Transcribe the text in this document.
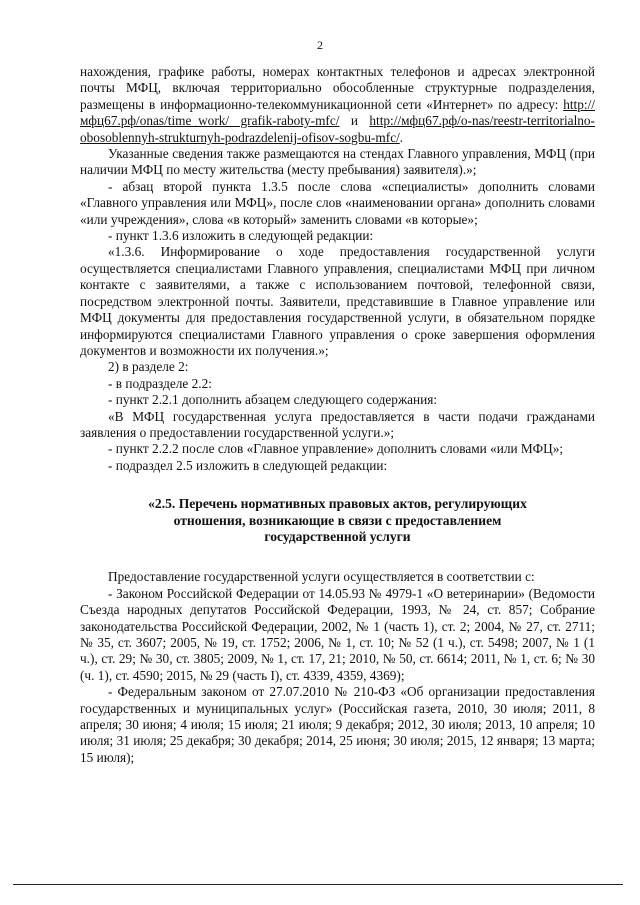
2

нахождения, графике работы, номерах контактных телефонов и адресах электронной почты МФЦ, включая территориально обособленные структурные подразделения, размещены в информационно-телекоммуникационной сети «Интернет» по адресу: http://мфц67.рф/onas/time_work/ grafik-raboty-mfc/ и http://мфц67.рф/o-nas/reestr-territorialno-obosoblennyh-strukturnyh-podrazdelenij-ofisov-sogbu-mfc/.

Указанные сведения также размещаются на стендах Главного управления, МФЦ (при наличии МФЦ по месту жительства (месту пребывания) заявителя).»;

- абзац второй пункта 1.3.5 после слова «специалисты» дополнить словами «Главного управления или МФЦ», после слов «наименовании органа» дополнить словами «или учреждения», слова «в который» заменить словами «в которые»;

- пункт 1.3.6 изложить в следующей редакции:

«1.3.6. Информирование о ходе предоставления государственной услуги осуществляется специалистами Главного управления, специалистами МФЦ при личном контакте с заявителями, а также с использованием почтовой, телефонной связи, посредством электронной почты. Заявители, представившие в Главное управление или МФЦ документы для предоставления государственной услуги, в обязательном порядке информируются специалистами Главного управления о сроке завершения оформления документов и возможности их получения.»;

2) в разделе 2:

- в подразделе 2.2:

- пункт 2.2.1 дополнить абзацем следующего содержания:

«В МФЦ государственная услуга предоставляется в части подачи гражданами заявления о предоставлении государственной услуги.»;

- пункт 2.2.2 после слов «Главное управление» дополнить словами «или МФЦ»;

- подраздел 2.5 изложить в следующей редакции:

«2.5. Перечень нормативных правовых актов, регулирующих
отношения, возникающие в связи с предоставлением
государственной услуги

Предоставление государственной услуги осуществляется в соответствии с:

- Законом Российской Федерации от 14.05.93 № 4979-1 «О ветеринарии» (Ведомости Съезда народных депутатов Российской Федерации, 1993, № 24, ст. 857; Собрание законодательства Российской Федерации, 2002, № 1 (часть 1), ст. 2; 2004, № 27, ст. 2711; № 35, ст. 3607; 2005, № 19, ст. 1752; 2006, № 1, ст. 10; № 52 (1 ч.), ст. 5498; 2007, № 1 (1 ч.), ст. 29; № 30, ст. 3805; 2009, № 1, ст. 17, 21; 2010, № 50, ст. 6614; 2011, № 1, ст. 6; № 30 (ч. 1), ст. 4590; 2015, № 29 (часть I), ст. 4339, 4359, 4369);

- Федеральным законом от 27.07.2010 № 210-ФЗ «Об организации предоставления государственных и муниципальных услуг» (Российская газета, 2010, 30 июля; 2011, 8 апреля; 30 июня; 4 июля; 15 июля; 21 июля; 9 декабря; 2012, 30 июля; 2013, 10 апреля; 10 июля; 31 июля; 25 декабря; 30 декабря; 2014, 25 июня; 30 июля; 2015, 12 января; 13 марта; 15 июля);
